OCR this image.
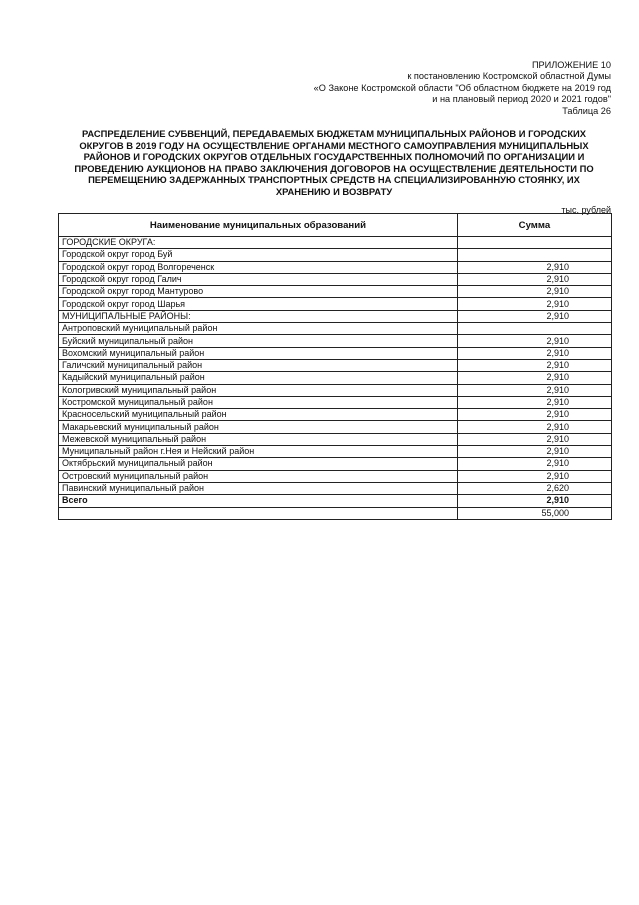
ПРИЛОЖЕНИЕ 10
к постановлению Костромской областной Думы
«О Законе Костромской области "Об областном бюджете на 2019 год
и на плановый период 2020 и 2021 годов"
Таблица 26
РАСПРЕДЕЛЕНИЕ СУБВЕНЦИЙ, ПЕРЕДАВАЕМЫХ БЮДЖЕТАМ МУНИЦИПАЛЬНЫХ РАЙОНОВ И ГОРОДСКИХ
ОКРУГОВ В 2019 ГОДУ НА ОСУЩЕСТВЛЕНИЕ ОРГАНАМИ МЕСТНОГО САМОУПРАВЛЕНИЯ МУНИЦИПАЛЬНЫХ
РАЙОНОВ И ГОРОДСКИХ ОКРУГОВ ОТДЕЛЬНЫХ ГОСУДАРСТВЕННЫХ ПОЛНОМОЧИЙ ПО ОРГАНИЗАЦИИ И
ПРОВЕДЕНИЮ АУКЦИОНОВ НА ПРАВО ЗАКЛЮЧЕНИЯ ДОГОВОРОВ НА ОСУЩЕСТВЛЕНИЕ ДЕЯТЕЛЬНОСТИ ПО
ПЕРЕМЕЩЕНИЮ ЗАДЕРЖАННЫХ ТРАНСПОРТНЫХ СРЕДСТВ НА СПЕЦИАЛИЗИРОВАННУЮ СТОЯНКУ, ИХ
ХРАНЕНИЮ И ВОЗВРАТУ
тыс. рублей
Наименование муниципальных образований	Сумма
ГОРОДСКИЕ ОКРУГА:	
Городской округ город Буй	
Городской округ город Волгореченск	2,910
Городской округ город Галич	2,910
Городской округ город Мантурово	2,910
Городской округ город Шарья	2,910
МУНИЦИПАЛЬНЫЕ РАЙОНЫ:	2,910
Антроповский муниципальный район	
Буйский муниципальный район	2,910
Вохомский муниципальный район	2,910
Галичский муниципальный район	2,910
Кадыйский муниципальный район	2,910
Кологривский муниципальный район	2,910
Костромской муниципальный район	2,910
Красносельский муниципальный район	2,910
Макарьевский муниципальный район	2,910
Межевской муниципальный район	2,910
Муниципальный район г.Нея и Нейский район	2,910
Октябрьский муниципальный район	2,910
Островский муниципальный район	2,910
Павинский муниципальный район	2,620
Всего	2,910
	55,000
